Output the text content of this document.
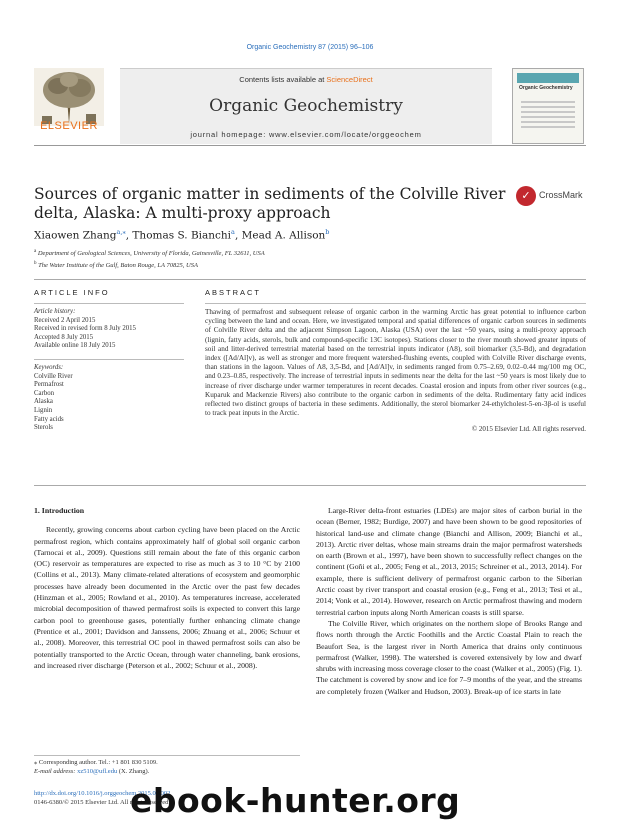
Organic Geochemistry 87 (2015) 96–106
ELSEVIER
Contents lists available at ScienceDirect
Organic Geochemistry
journal homepage: www.elsevier.com/locate/orggeochem
Organic Geochemistry
Sources of organic matter in sediments of the Colville River delta, Alaska: A multi-proxy approach
✓ CrossMark
Xiaowen Zhang$^{a,⁎}$, Thomas S. Bianchi$^a$, Mead A. Allison$^b$
$^a$ Department of Geological Sciences, University of Florida, Gainesville, FL 32611, USA
$^b$ The Water Institute of the Gulf, Baton Rouge, LA 70825, USA
ARTICLE INFO
Article history:
Received 2 April 2015
Received in revised form 8 July 2015
Accepted 8 July 2015
Available online 18 July 2015
Keywords:
Colville River
Permafrost
Carbon
Alaska
Lignin
Fatty acids
Sterols
ABSTRACT
Thawing of permafrost and subsequent release of organic carbon in the warming Arctic has great potential to influence carbon cycling between the land and ocean. Here, we investigated temporal and spatial differences of organic carbon sources in sediments of Colville River delta and the adjacent Simpson Lagoon, Alaska (USA) over the last ~50 years, using a multi-proxy approach (lignin, fatty acids, sterols, bulk and compound-specific 13C isotopes). Stations closer to the river mouth showed greater inputs of soil and litter-derived terrestrial material based on the terrestrial inputs indicator (Λ8), soil biomarker (3,5-Bd), and degradation index ([Ad/Al]v), as well as stronger and more frequent watershed-flushing events, coupled with Colville River discharge events, than stations in the lagoon. Values of Λ8, 3,5-Bd, and [Ad/Al]v, in sediments ranged from 0.75–2.69, 0.02–0.44 mg/100 mg OC, and 0.23–0.85, respectively. The increase of terrestrial inputs in sediments near the delta for the last ~50 years is most likely due to increase of river discharge under warmer temperatures in recent decades. Coastal erosion and inputs from other river sources (e.g., Kuparuk and Mackenzie Rivers) also contribute to the organic carbon in sediments of the delta. Rudimentary fatty acid indices reflected two distinct groups of bacteria in these sediments. Additionally, the sterol biomarker 24-ethylcholest-5-en-3β-ol is useful to track peat inputs in the Arctic.
© 2015 Elsevier Ltd. All rights reserved.
1. Introduction

Recently, growing concerns about carbon cycling have been placed on the Arctic permafrost region, which contains approximately half of global soil organic carbon (Tarnocai et al., 2009). Questions still remain about the fate of this organic carbon (OC) reservoir as temperatures are expected to rise as much as 3 to 10 °C by 2100 (Collins et al., 2013). Many climate-related alterations of ecosystem and geomorphic processes have already been documented in the Arctic over the past few decades (Hinzman et al., 2005; Rowland et al., 2010). As temperatures increase, accelerated microbial decomposition of thawed permafrost soils is expected to convert this large carbon pool to greenhouse gases, potentially further enhancing climate change (Prentice et al., 2001; Davidson and Janssens, 2006; Zhuang et al., 2006; Schuur et al., 2008). Moreover, this terrestrial OC pool in thawed permafrost soils can also be potentially transported to the Arctic Ocean, through water channeling, bank erosions, and increased river discharge (Peterson et al., 2002; Schuur et al., 2008).

Large-River delta-front estuaries (LDEs) are major sites of carbon burial in the ocean (Berner, 1982; Burdige, 2007) and have been shown to be good repositories of historical land-use and climate change (Bianchi and Allison, 2009; Bianchi et al., 2013). Arctic river deltas, whose main streams drain the major permafrost watersheds on earth (Brown et al., 1997), have been shown to successfully reflect changes on the continent (Goñi et al., 2005; Feng et al., 2013, 2015; Schreiner et al., 2013, 2014). For example, there is sufficient delivery of permafrost organic carbon to the Siberian Arctic coast by river transport and coastal erosion (e.g., Feng et al., 2013; Tesi et al., 2014; Vonk et al., 2014). However, research on Arctic permafrost thawing and modern terrestrial carbon inputs along North American coasts is still sparse.

The Colville River, which originates on the northern slope of Brooks Range and flows north through the Arctic Foothills and the Arctic Coastal Plain to reach the Beaufort Sea, is the largest river in North America that drains only continuous permafrost (Walker, 1998). The watershed is covered extensively by low and dwarf shrubs with increasing moss coverage closer to the coast (Walker et al., 2005) (Fig. 1). The catchment is covered by snow and ice for 7–9 months of the year, and the streams are completely frozen (Walker and Hudson, 2003). Break-up of ice starts in late

⁎ Corresponding author. Tel.: +1 801 830 5109.
E-mail address: xz510@ufl.edu (X. Zhang).
http://dx.doi.org/10.1016/j.orggeochem.2015.07.002
0146-6380/© 2015 Elsevier Ltd. All rights reserved.
ebook-hunter.org
